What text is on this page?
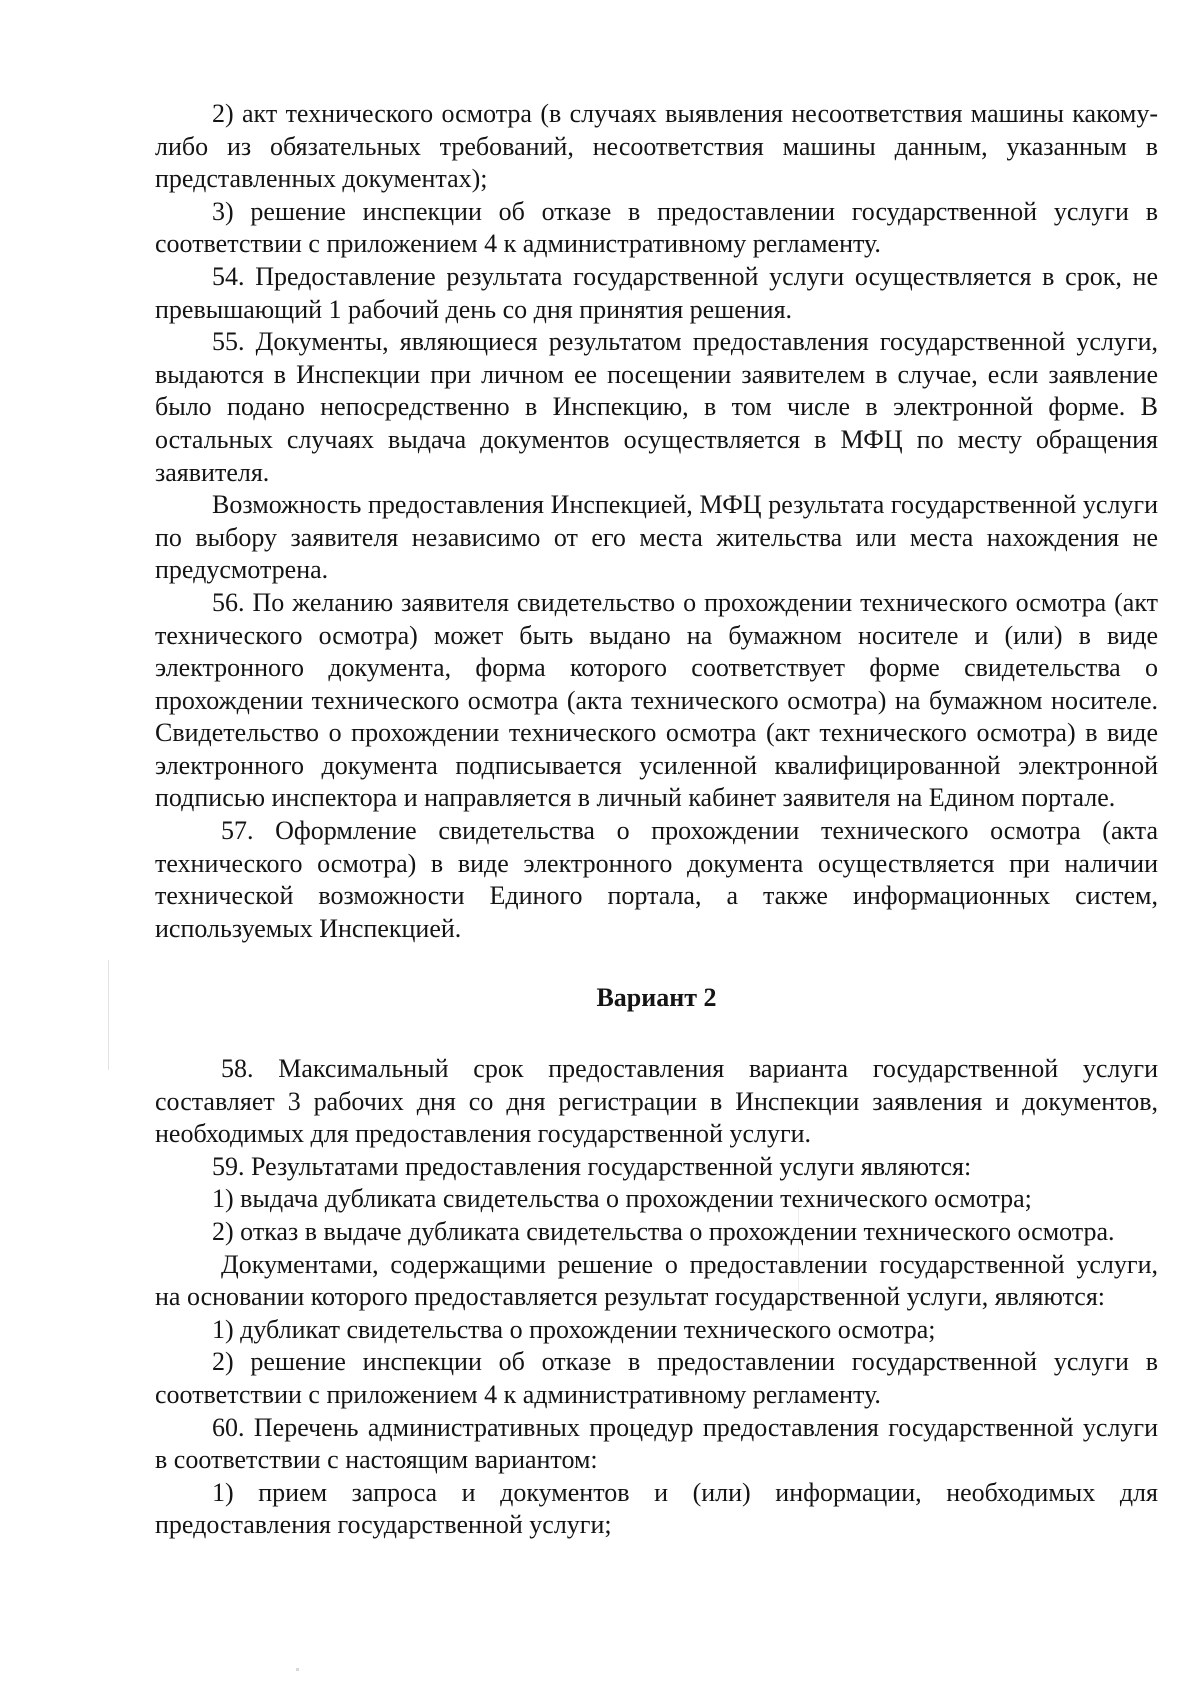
2) акт технического осмотра (в случаях выявления несоответствия машины какому-либо из обязательных требований, несоответствия машины данным, указанным в представленных документах);

3) решение инспекции об отказе в предоставлении государственной услуги в соответствии с приложением 4 к административному регламенту.

54. Предоставление результата государственной услуги осуществляется в срок, не превышающий 1 рабочий день со дня принятия решения.

55. Документы, являющиеся результатом предоставления государственной услуги, выдаются в Инспекции при личном ее посещении заявителем в случае, если заявление было подано непосредственно в Инспекцию, в том числе в электронной форме. В остальных случаях выдача документов осуществляется в МФЦ по месту обращения заявителя.

Возможность предоставления Инспекцией, МФЦ результата государственной услуги по выбору заявителя независимо от его места жительства или места нахождения не предусмотрена.

56. По желанию заявителя свидетельство о прохождении технического осмотра (акт технического осмотра) может быть выдано на бумажном носителе и (или) в виде электронного документа, форма которого соответствует форме свидетельства о прохождении технического осмотра (акта технического осмотра) на бумажном носителе. Свидетельство о прохождении технического осмотра (акт технического осмотра) в виде электронного документа подписывается усиленной квалифицированной электронной подписью инспектора и направляется в личный кабинет заявителя на Едином портале.

57. Оформление свидетельства о прохождении технического осмотра (акта технического осмотра) в виде электронного документа осуществляется при наличии технической возможности Единого портала, а также информационных систем, используемых Инспекцией.

Вариант 2

58. Максимальный срок предоставления варианта государственной услуги составляет 3 рабочих дня со дня регистрации в Инспекции заявления и документов, необходимых для предоставления государственной услуги.

59. Результатами предоставления государственной услуги являются:

1) выдача дубликата свидетельства о прохождении технического осмотра;

2) отказ в выдаче дубликата свидетельства о прохождении технического осмотра.

Документами, содержащими решение о предоставлении государственной услуги, на основании которого предоставляется результат государственной услуги, являются:

1) дубликат свидетельства о прохождении технического осмотра;

2) решение инспекции об отказе в предоставлении государственной услуги в соответствии с приложением 4 к административному регламенту.

60. Перечень административных процедур предоставления государственной услуги в соответствии с настоящим вариантом:

1) прием запроса и документов и (или) информации, необходимых для предоставления государственной услуги;
